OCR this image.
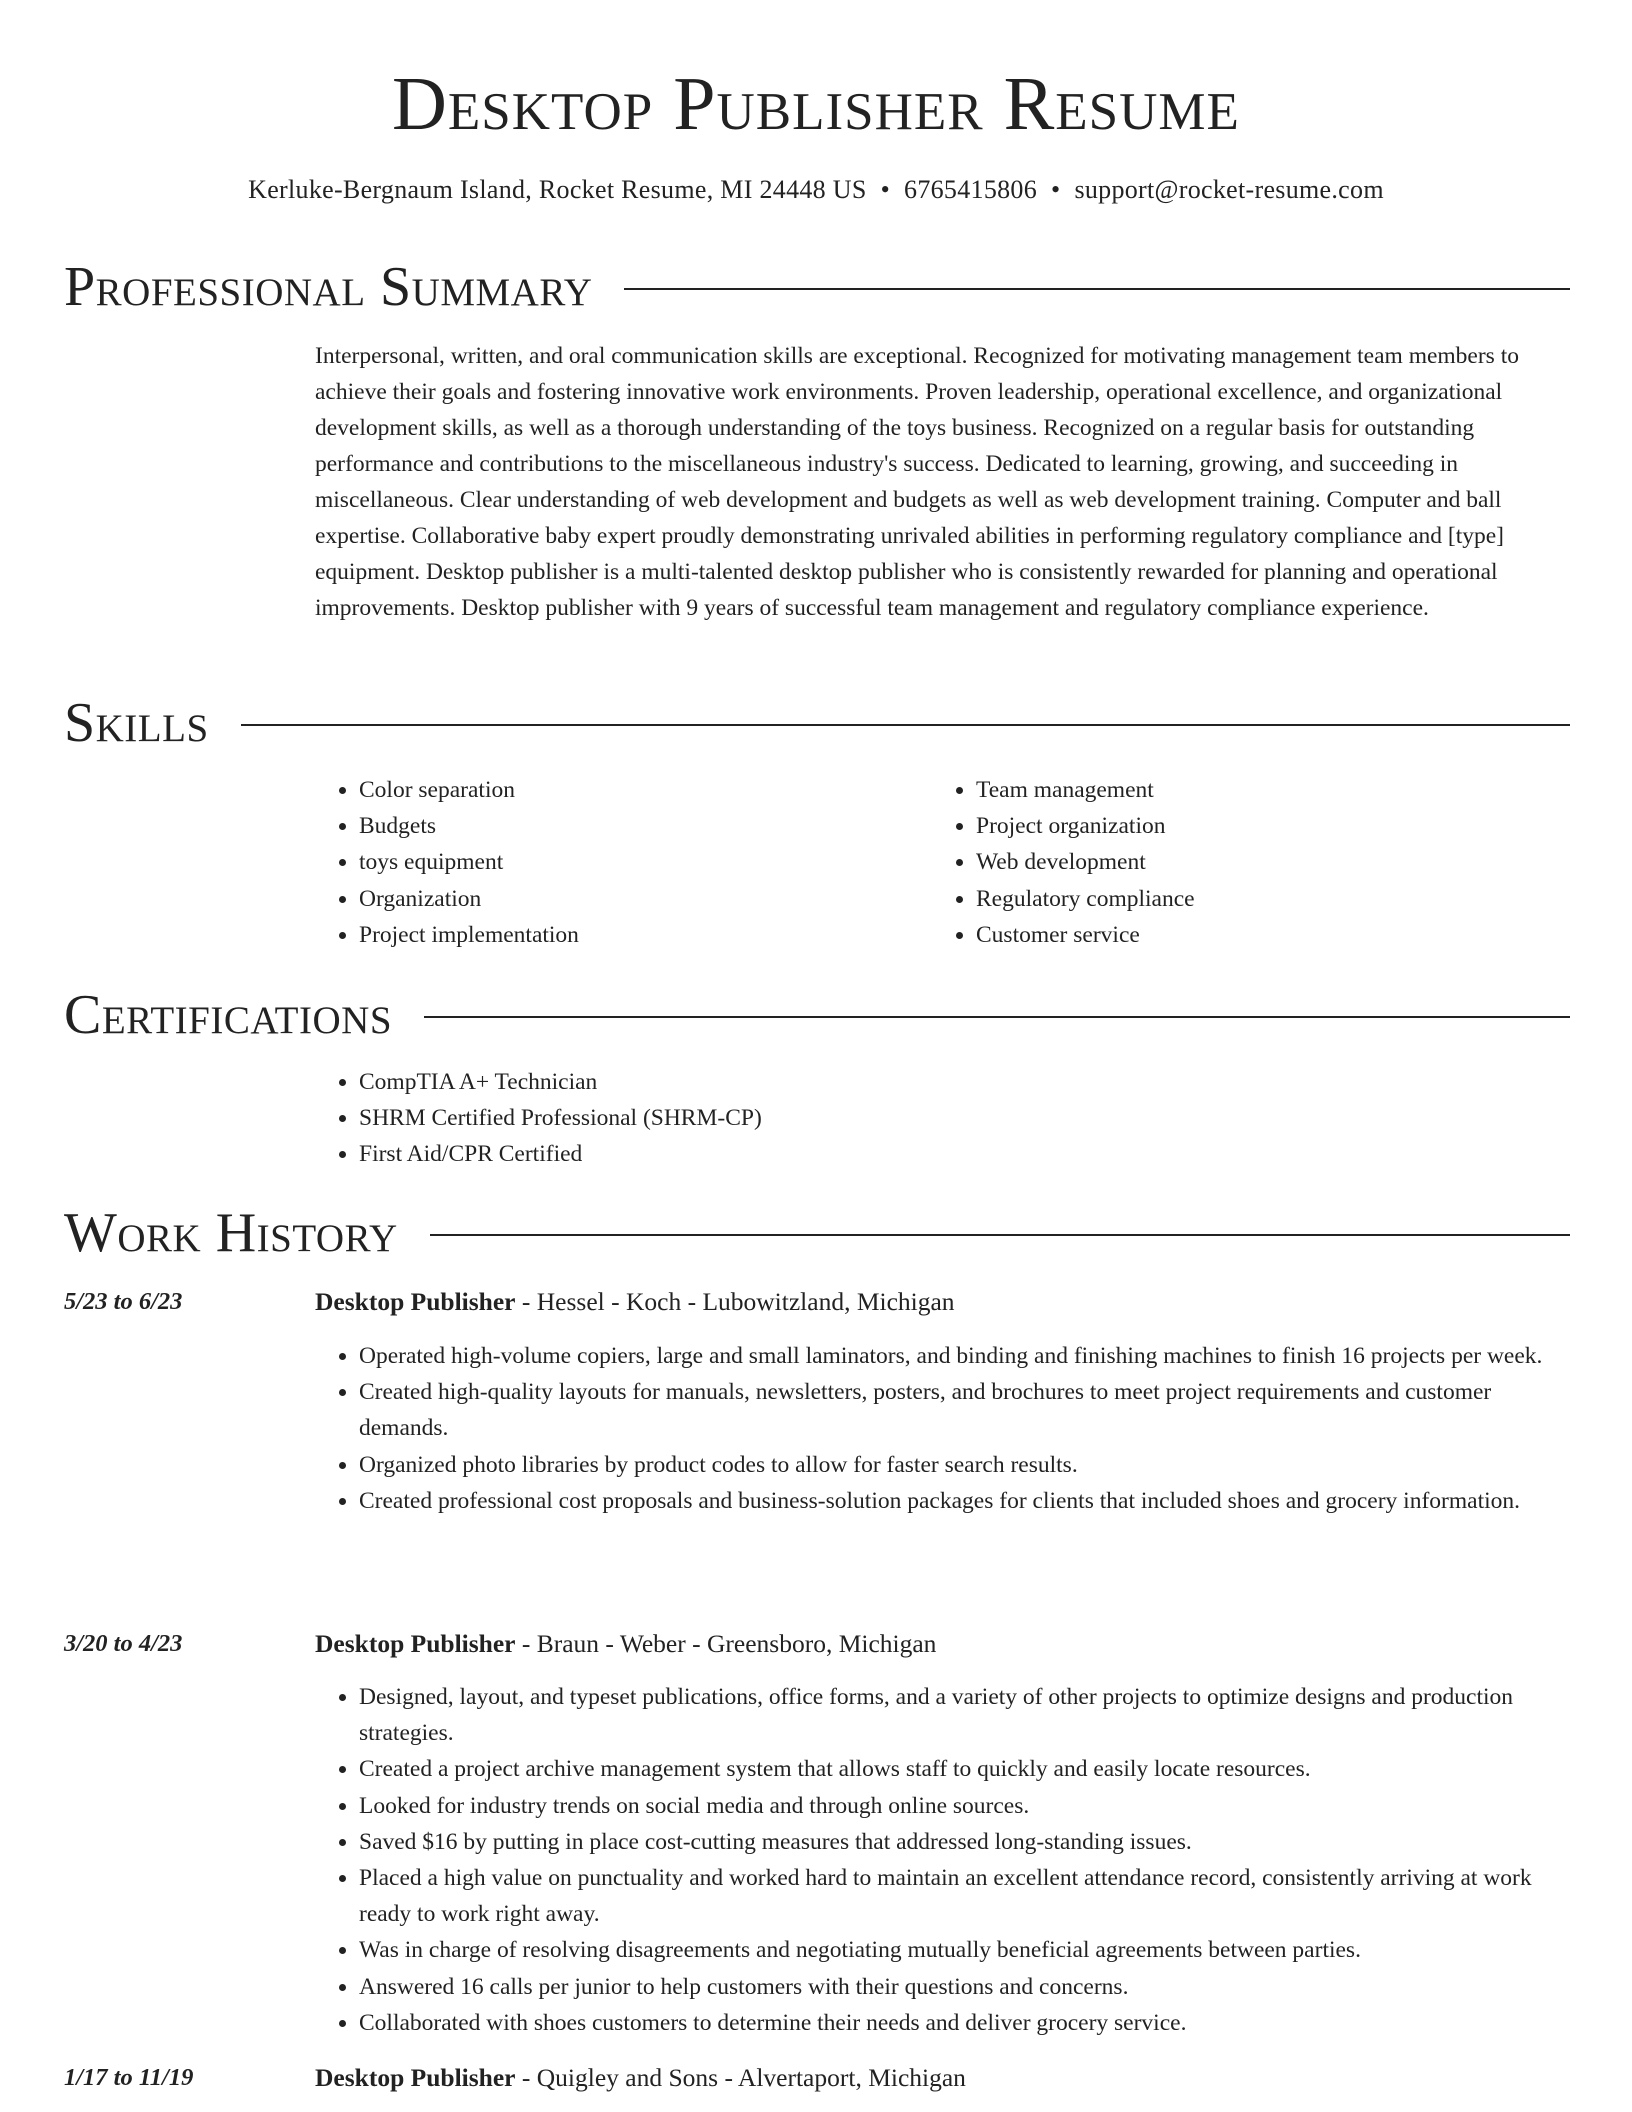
Desktop Publisher Resume
Kerluke-Bergnaum Island, Rocket Resume, MI 24448 US • 6765415806 • support@rocket-resume.com
Professional Summary

Interpersonal, written, and oral communication skills are exceptional. Recognized for motivating management team members to achieve their goals and fostering innovative work environments. Proven leadership, operational excellence, and organizational development skills, as well as a thorough understanding of the toys business. Recognized on a regular basis for outstanding performance and contributions to the miscellaneous industry's success. Dedicated to learning, growing, and succeeding in miscellaneous. Clear understanding of web development and budgets as well as web development training. Computer and ball expertise. Collaborative baby expert proudly demonstrating unrivaled abilities in performing regulatory compliance and [type] equipment. Desktop publisher is a multi-talented desktop publisher who is consistently rewarded for planning and operational improvements. Desktop publisher with 9 years of successful team management and regulatory compliance experience.

Skills
• Color separation
• Budgets
• toys equipment
• Organization
• Project implementation
• Team management
• Project organization
• Web development
• Regulatory compliance
• Customer service
Certifications
• CompTIA A+ Technician
• SHRM Certified Professional (SHRM-CP)
• First Aid/CPR Certified
Work History
5/23 to 6/23	Desktop Publisher - Hessel - Koch - Lubowitzland, Michigan
• Operated high-volume copiers, large and small laminators, and binding and finishing machines to finish 16 projects per week.
• Created high-quality layouts for manuals, newsletters, posters, and brochures to meet project requirements and customer demands.
• Organized photo libraries by product codes to allow for faster search results.
• Created professional cost proposals and business-solution packages for clients that included shoes and grocery information.
3/20 to 4/23	Desktop Publisher - Braun - Weber - Greensboro, Michigan
• Designed, layout, and typeset publications, office forms, and a variety of other projects to optimize designs and production strategies.
• Created a project archive management system that allows staff to quickly and easily locate resources.
• Looked for industry trends on social media and through online sources.
• Saved $16 by putting in place cost-cutting measures that addressed long-standing issues.
• Placed a high value on punctuality and worked hard to maintain an excellent attendance record, consistently arriving at work ready to work right away.
• Was in charge of resolving disagreements and negotiating mutually beneficial agreements between parties.
• Answered 16 calls per junior to help customers with their questions and concerns.
• Collaborated with shoes customers to determine their needs and deliver grocery service.
1/17 to 11/19	Desktop Publisher - Quigley and Sons - Alvertaport, Michigan
